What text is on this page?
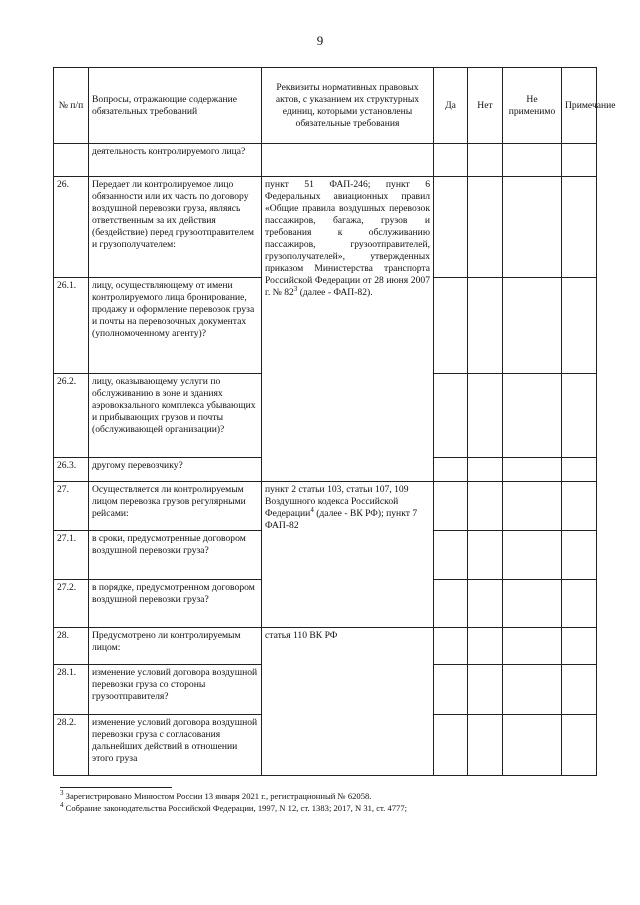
9
№ п/п	Вопросы, отражающие содержание обязательных требований	Реквизиты нормативных правовых актов, с указанием их структурных единиц, которыми установлены обязательные требования	Да	Нет	Не применимо	Примечание
	деятельность контролируемого лица?					
26.	Передает ли контролируемое лицо обязанности или их часть по договору воздушной перевозки груза, являясь ответственным за их действия (бездействие) перед грузоотправителем и грузополучателем:	пункт 51 ФАП-246; пункт 6 Федеральных авиационных правил «Общие правила воздушных перевозок пассажиров, багажа, грузов и требования к обслуживанию пассажиров, грузоотправителей, грузополучателей», утвержденных приказом Министерства транспорта Российской Федерации от 28 июня 2007 г. № $82^3$ (далее - ФАП-82).				
26.1.	лицу, осуществляющему от имени контролируемого лица бронирование, продажу и оформление перевозок груза и почты на перевозочных документах (уполномоченному агенту)?					
26.2.	лицу, оказывающему услуги по обслуживанию в зоне и зданиях аэровокзального комплекса убывающих и прибывающих грузов и почты (обслуживающей организации)?					
26.3.	другому перевозчику?					
27.	Осуществляется ли контролируемым лицом перевозка грузов регулярными рейсами:	пункт 2 статьи 103, статьи 107, 109 Воздушного кодекса Российской Федерации$^4$ (далее - ВК РФ); пункт 7 ФАП-82				

27.1.	в сроки, предусмотренные договором воздушной перевозки груза?					
27.2.	в порядке, предусмотренном договором воздушной перевозки груза?					
28.	Предусмотрено ли контролируемым лицом:	статья 110 ВК РФ				

28.1.	изменение условий договора воздушной перевозки груза со стороны грузоотправителя?					
28.2.	изменение условий договора воздушной перевозки груза с согласования дальнейших действий в отношении этого груза					
$^3$ Зарегистрировано Минюстом России 13 января 2021 г., регистрационный № 62058.
$^4$ Собрание законодательства Российской Федерации, 1997, N 12, ст. 1383; 2017, N 31, ст. 4777;
